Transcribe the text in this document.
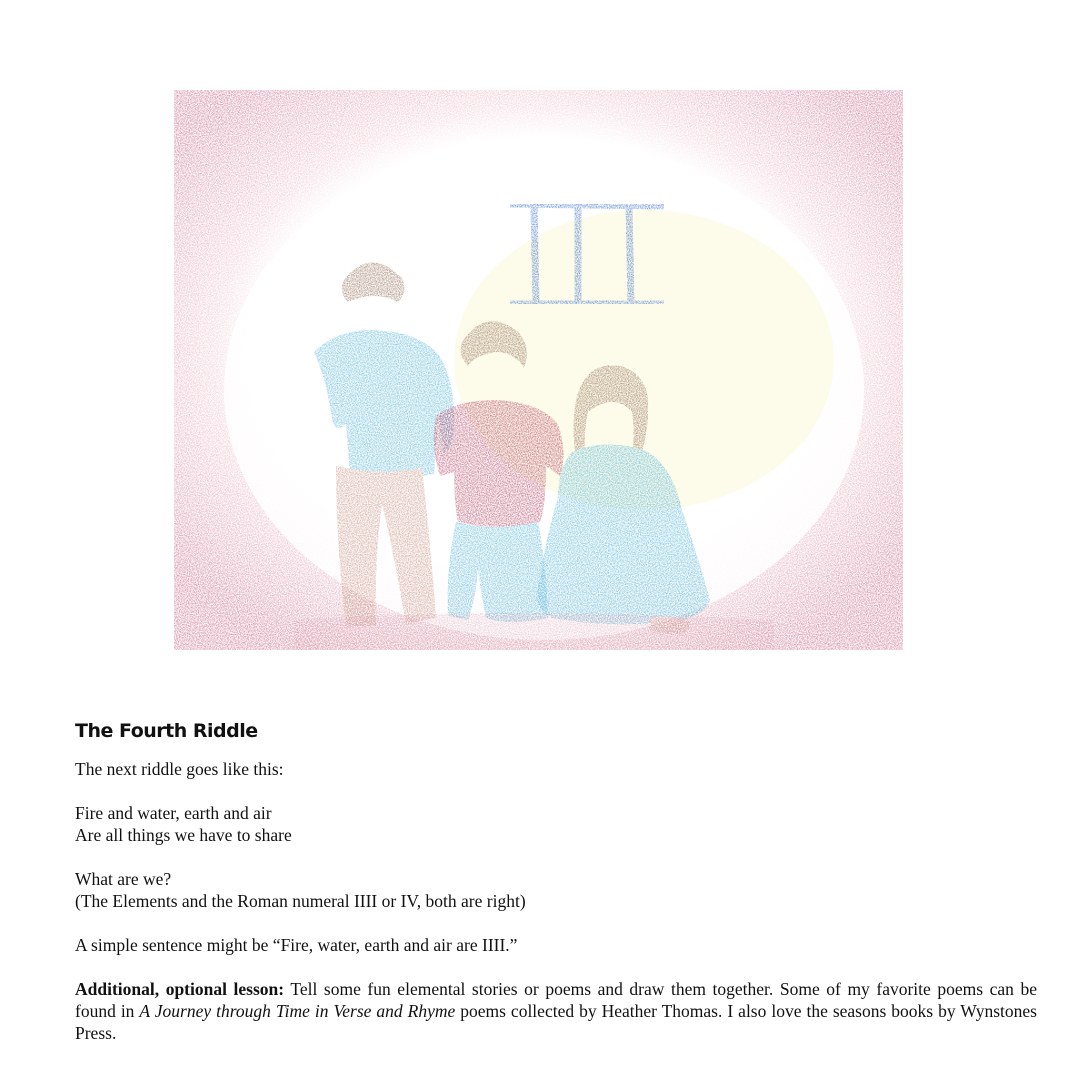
The Fourth Riddle

The next riddle goes like this:

Fire and water, earth and air
Are all things we have to share

What are we?
(The Elements and the Roman numeral IIII or IV, both are right)

A simple sentence might be “Fire, water, earth and air are IIII.”

Additional, optional lesson: Tell some fun elemental stories or poems and draw them together. Some of my favorite poems can be found in A Journey through Time in Verse and Rhyme poems collected by Heather Thomas. I also love the seasons books by Wynstones Press.
